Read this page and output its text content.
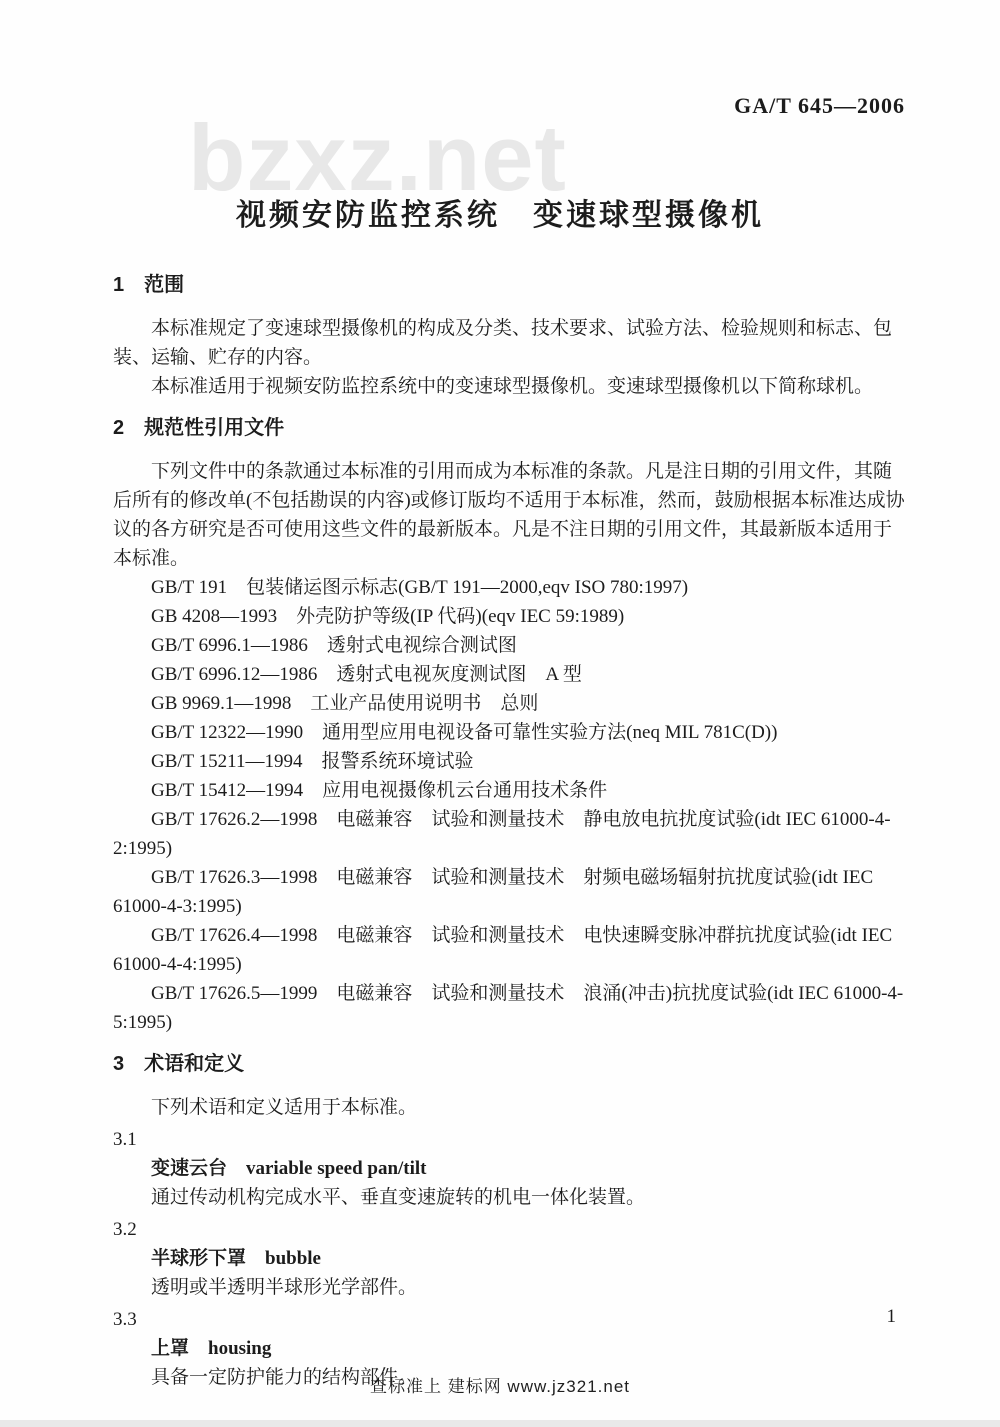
GA/T 645—2006
bzxz.net
视频安防监控系统　变速球型摄像机
1　范围

本标准规定了变速球型摄像机的构成及分类、技术要求、试验方法、检验规则和标志、包装、运输、贮存的内容。

本标准适用于视频安防监控系统中的变速球型摄像机。变速球型摄像机以下简称球机。

2　规范性引用文件

下列文件中的条款通过本标准的引用而成为本标准的条款。凡是注日期的引用文件，其随后所有的修改单(不包括勘误的内容)或修订版均不适用于本标准，然而，鼓励根据本标准达成协议的各方研究是否可使用这些文件的最新版本。凡是不注日期的引用文件，其最新版本适用于本标准。

GB/T 191　包装储运图示标志(GB/T 191—2000,eqv ISO 780:1997)

GB 4208—1993　外壳防护等级(IP 代码)(eqv IEC 59:1989)

GB/T 6996.1—1986　透射式电视综合测试图

GB/T 6996.12—1986　透射式电视灰度测试图　A 型

GB 9969.1—1998　工业产品使用说明书　总则

GB/T 12322—1990　通用型应用电视设备可靠性实验方法(neq MIL 781C(D))

GB/T 15211—1994　报警系统环境试验

GB/T 15412—1994　应用电视摄像机云台通用技术条件

GB/T 17626.2—1998　电磁兼容　试验和测量技术　静电放电抗扰度试验(idt IEC 61000-4-2:1995)

GB/T 17626.3—1998　电磁兼容　试验和测量技术　射频电磁场辐射抗扰度试验(idt IEC 61000-4-3:1995)

GB/T 17626.4—1998　电磁兼容　试验和测量技术　电快速瞬变脉冲群抗扰度试验(idt IEC 61000-4-4:1995)

GB/T 17626.5—1999　电磁兼容　试验和测量技术　浪涌(冲击)抗扰度试验(idt IEC 61000-4-5:1995)

3　术语和定义

下列术语和定义适用于本标准。

3.1

变速云台　variable speed pan/tilt

通过传动机构完成水平、垂直变速旋转的机电一体化装置。

3.2

半球形下罩　bubble

透明或半透明半球形光学部件。

3.3

上罩　housing

具备一定防护能力的结构部件。

1
查标准上 建标网 www.jz321.net
